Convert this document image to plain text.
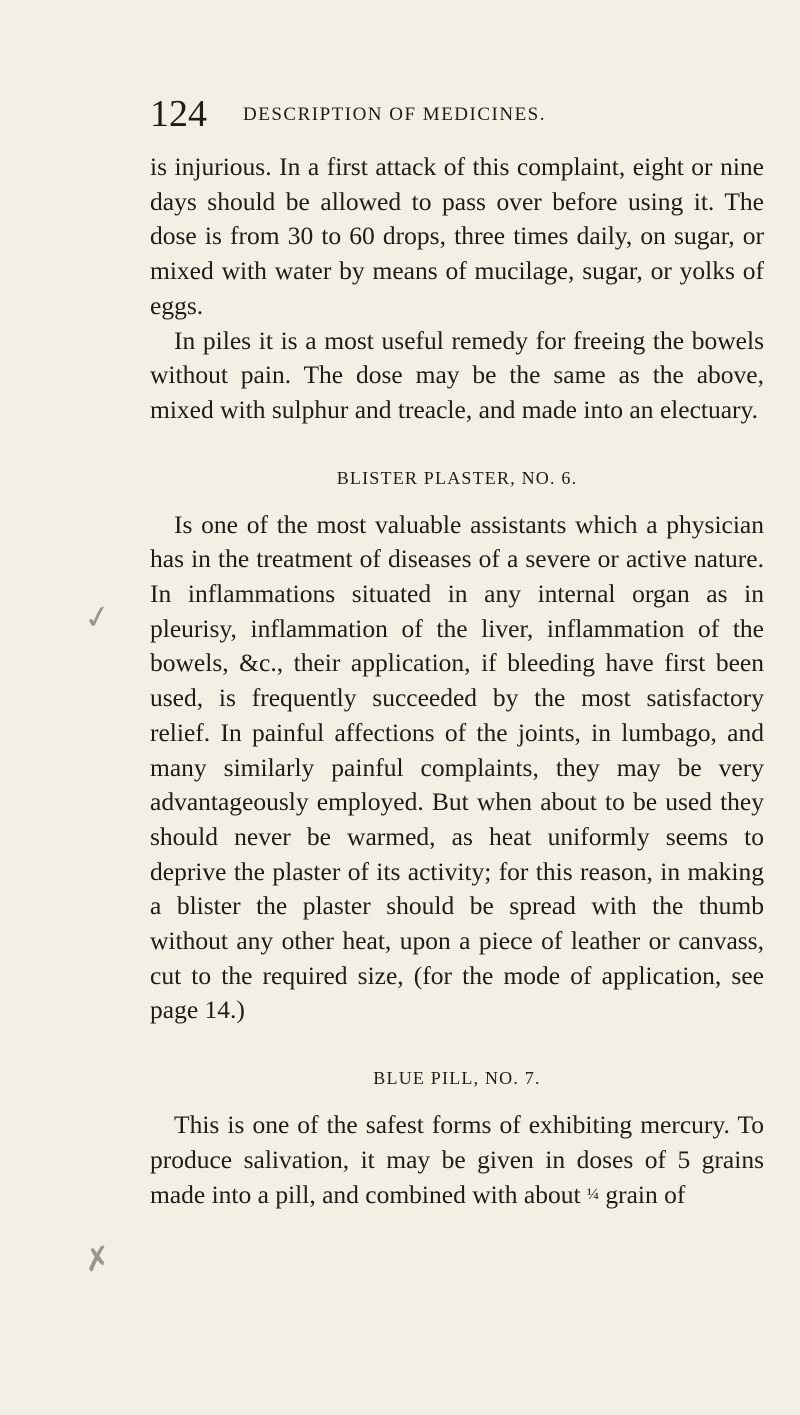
124 DESCRIPTION OF MEDICINES.
✓
✗

is injurious. In a first attack of this complaint, eight or nine days should be allowed to pass over before using it. The dose is from 30 to 60 drops, three times daily, on sugar, or mixed with water by means of mucilage, sugar, or yolks of eggs.

In piles it is a most useful remedy for freeing the bowels without pain. The dose may be the same as the above, mixed with sulphur and treacle, and made into an electuary.

BLISTER PLASTER, NO. 6.

Is one of the most valuable assistants which a physician has in the treatment of diseases of a severe or active nature. In inflammations situated in any internal organ as in pleurisy, inflammation of the liver, inflammation of the bowels, &c., their application, if bleeding have first been used, is frequently succeeded by the most satisfactory relief. In painful affections of the joints, in lumbago, and many similarly painful complaints, they may be very advantageously employed. But when about to be used they should never be warmed, as heat uniformly seems to deprive the plaster of its activity; for this reason, in making a blister the plaster should be spread with the thumb without any other heat, upon a piece of leather or canvass, cut to the required size, (for the mode of application, see page 14.)

BLUE PILL, NO. 7.

This is one of the safest forms of exhibiting mercury. To produce salivation, it may be given in doses of 5 grains made into a pill, and combined with about ¼ grain of
